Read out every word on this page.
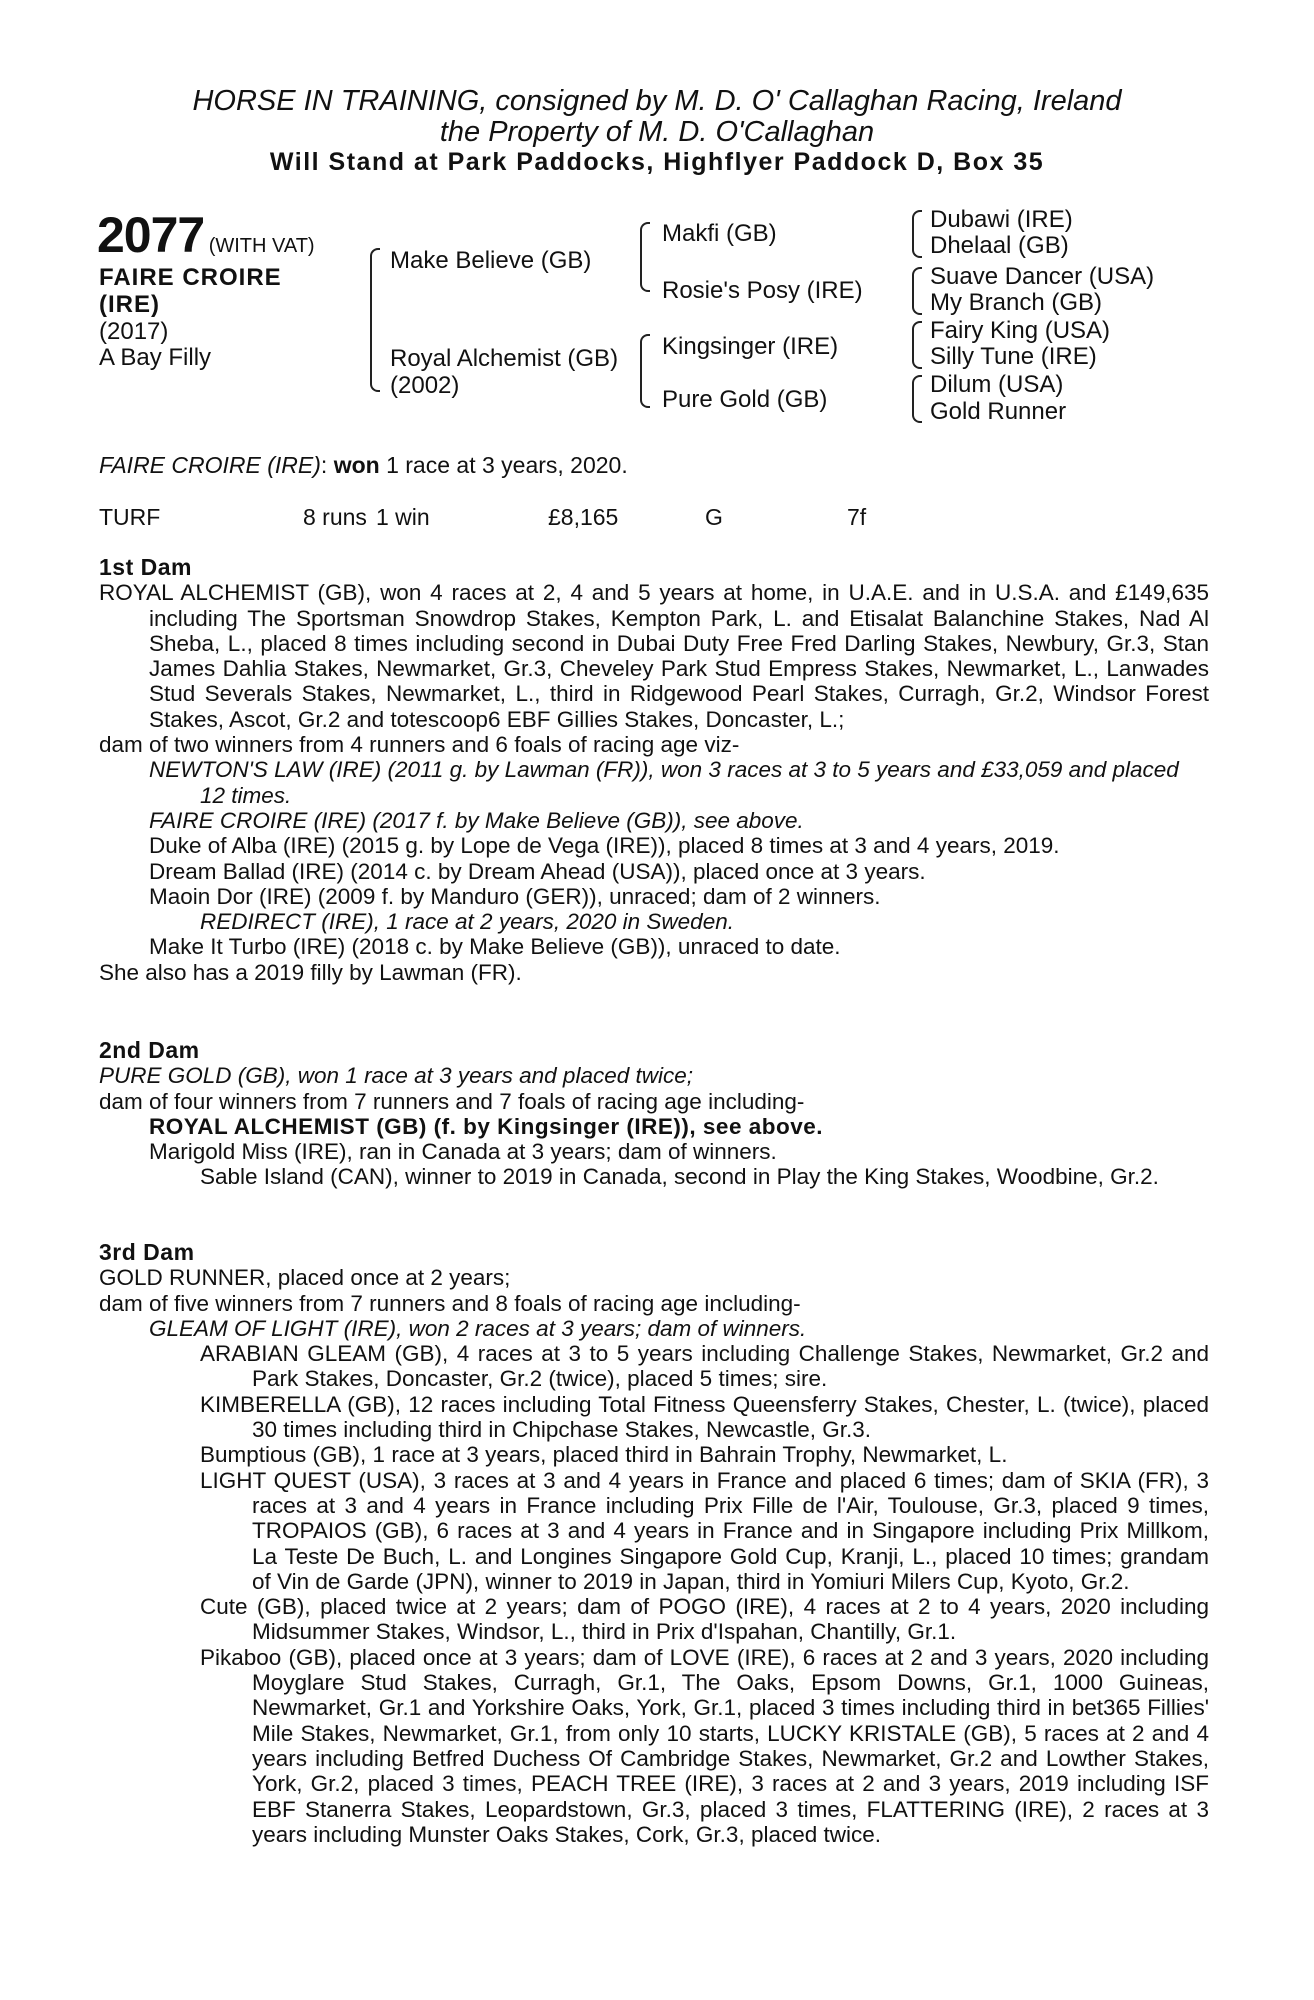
HORSE IN TRAINING, consigned by M. D. O' Callaghan Racing, Ireland
the Property of M. D. O'Callaghan
Will Stand at Park Paddocks, Highflyer Paddock D, Box 35
2077 (WITH VAT)
FAIRE CROIRE
(IRE)
(2017)
A Bay Filly
Make Believe (GB)
Royal Alchemist (GB)
(2002)
Makfi (GB)
Rosie's Posy (IRE)
Kingsinger (IRE)
Pure Gold (GB)
Dubawi (IRE)
Dhelaal (GB)
Suave Dancer (USA)
My Branch (GB)
Fairy King (USA)
Silly Tune (IRE)
Dilum (USA)
Gold Runner
FAIRE CROIRE (IRE): won 1 race at 3 years, 2020.
TURF	8 runs 1 win	£8,165	G	7f

1st Dam

ROYAL ALCHEMIST (GB), won 4 races at 2, 4 and 5 years at home, in U.A.E. and in U.S.A. and £149,635 including The Sportsman Snowdrop Stakes, Kempton Park, L. and Etisalat Balanchine Stakes, Nad Al Sheba, L., placed 8 times including second in Dubai Duty Free Fred Darling Stakes, Newbury, Gr.3, Stan James Dahlia Stakes, Newmarket, Gr.3, Cheveley Park Stud Empress Stakes, Newmarket, L., Lanwades Stud Severals Stakes, Newmarket, L., third in Ridgewood Pearl Stakes, Curragh, Gr.2, Windsor Forest Stakes, Ascot, Gr.2 and totescoop6 EBF Gillies Stakes, Doncaster, L.;

dam of two winners from 4 runners and 6 foals of racing age viz-

NEWTON'S LAW (IRE) (2011 g. by Lawman (FR)), won 3 races at 3 to 5 years and £33,059 and placed 12 times.

FAIRE CROIRE (IRE) (2017 f. by Make Believe (GB)), see above.

Duke of Alba (IRE) (2015 g. by Lope de Vega (IRE)), placed 8 times at 3 and 4 years, 2019.

Dream Ballad (IRE) (2014 c. by Dream Ahead (USA)), placed once at 3 years.

Maoin Dor (IRE) (2009 f. by Manduro (GER)), unraced; dam of 2 winners.

REDIRECT (IRE), 1 race at 2 years, 2020 in Sweden.

Make It Turbo (IRE) (2018 c. by Make Believe (GB)), unraced to date.

She also has a 2019 filly by Lawman (FR).

2nd Dam

PURE GOLD (GB), won 1 race at 3 years and placed twice;

dam of four winners from 7 runners and 7 foals of racing age including-

ROYAL ALCHEMIST (GB) (f. by Kingsinger (IRE)), see above.

Marigold Miss (IRE), ran in Canada at 3 years; dam of winners.

Sable Island (CAN), winner to 2019 in Canada, second in Play the King Stakes, Woodbine, Gr.2.

3rd Dam

GOLD RUNNER, placed once at 2 years;

dam of five winners from 7 runners and 8 foals of racing age including-

GLEAM OF LIGHT (IRE), won 2 races at 3 years; dam of winners.

ARABIAN GLEAM (GB), 4 races at 3 to 5 years including Challenge Stakes, Newmarket, Gr.2 and Park Stakes, Doncaster, Gr.2 (twice), placed 5 times; sire.

KIMBERELLA (GB), 12 races including Total Fitness Queensferry Stakes, Chester, L. (twice), placed 30 times including third in Chipchase Stakes, Newcastle, Gr.3.

Bumptious (GB), 1 race at 3 years, placed third in Bahrain Trophy, Newmarket, L.

LIGHT QUEST (USA), 3 races at 3 and 4 years in France and placed 6 times; dam of SKIA (FR), 3 races at 3 and 4 years in France including Prix Fille de l'Air, Toulouse, Gr.3, placed 9 times, TROPAIOS (GB), 6 races at 3 and 4 years in France and in Singapore including Prix Millkom, La Teste De Buch, L. and Longines Singapore Gold Cup, Kranji, L., placed 10 times; grandam of Vin de Garde (JPN), winner to 2019 in Japan, third in Yomiuri Milers Cup, Kyoto, Gr.2.

Cute (GB), placed twice at 2 years; dam of POGO (IRE), 4 races at 2 to 4 years, 2020 including Midsummer Stakes, Windsor, L., third in Prix d'Ispahan, Chantilly, Gr.1.

Pikaboo (GB), placed once at 3 years; dam of LOVE (IRE), 6 races at 2 and 3 years, 2020 including Moyglare Stud Stakes, Curragh, Gr.1, The Oaks, Epsom Downs, Gr.1, 1000 Guineas, Newmarket, Gr.1 and Yorkshire Oaks, York, Gr.1, placed 3 times including third in bet365 Fillies' Mile Stakes, Newmarket, Gr.1, from only 10 starts, LUCKY KRISTALE (GB), 5 races at 2 and 4 years including Betfred Duchess Of Cambridge Stakes, Newmarket, Gr.2 and Lowther Stakes, York, Gr.2, placed 3 times, PEACH TREE (IRE), 3 races at 2 and 3 years, 2019 including ISF EBF Stanerra Stakes, Leopardstown, Gr.3, placed 3 times, FLATTERING (IRE), 2 races at 3 years including Munster Oaks Stakes, Cork, Gr.3, placed twice.
